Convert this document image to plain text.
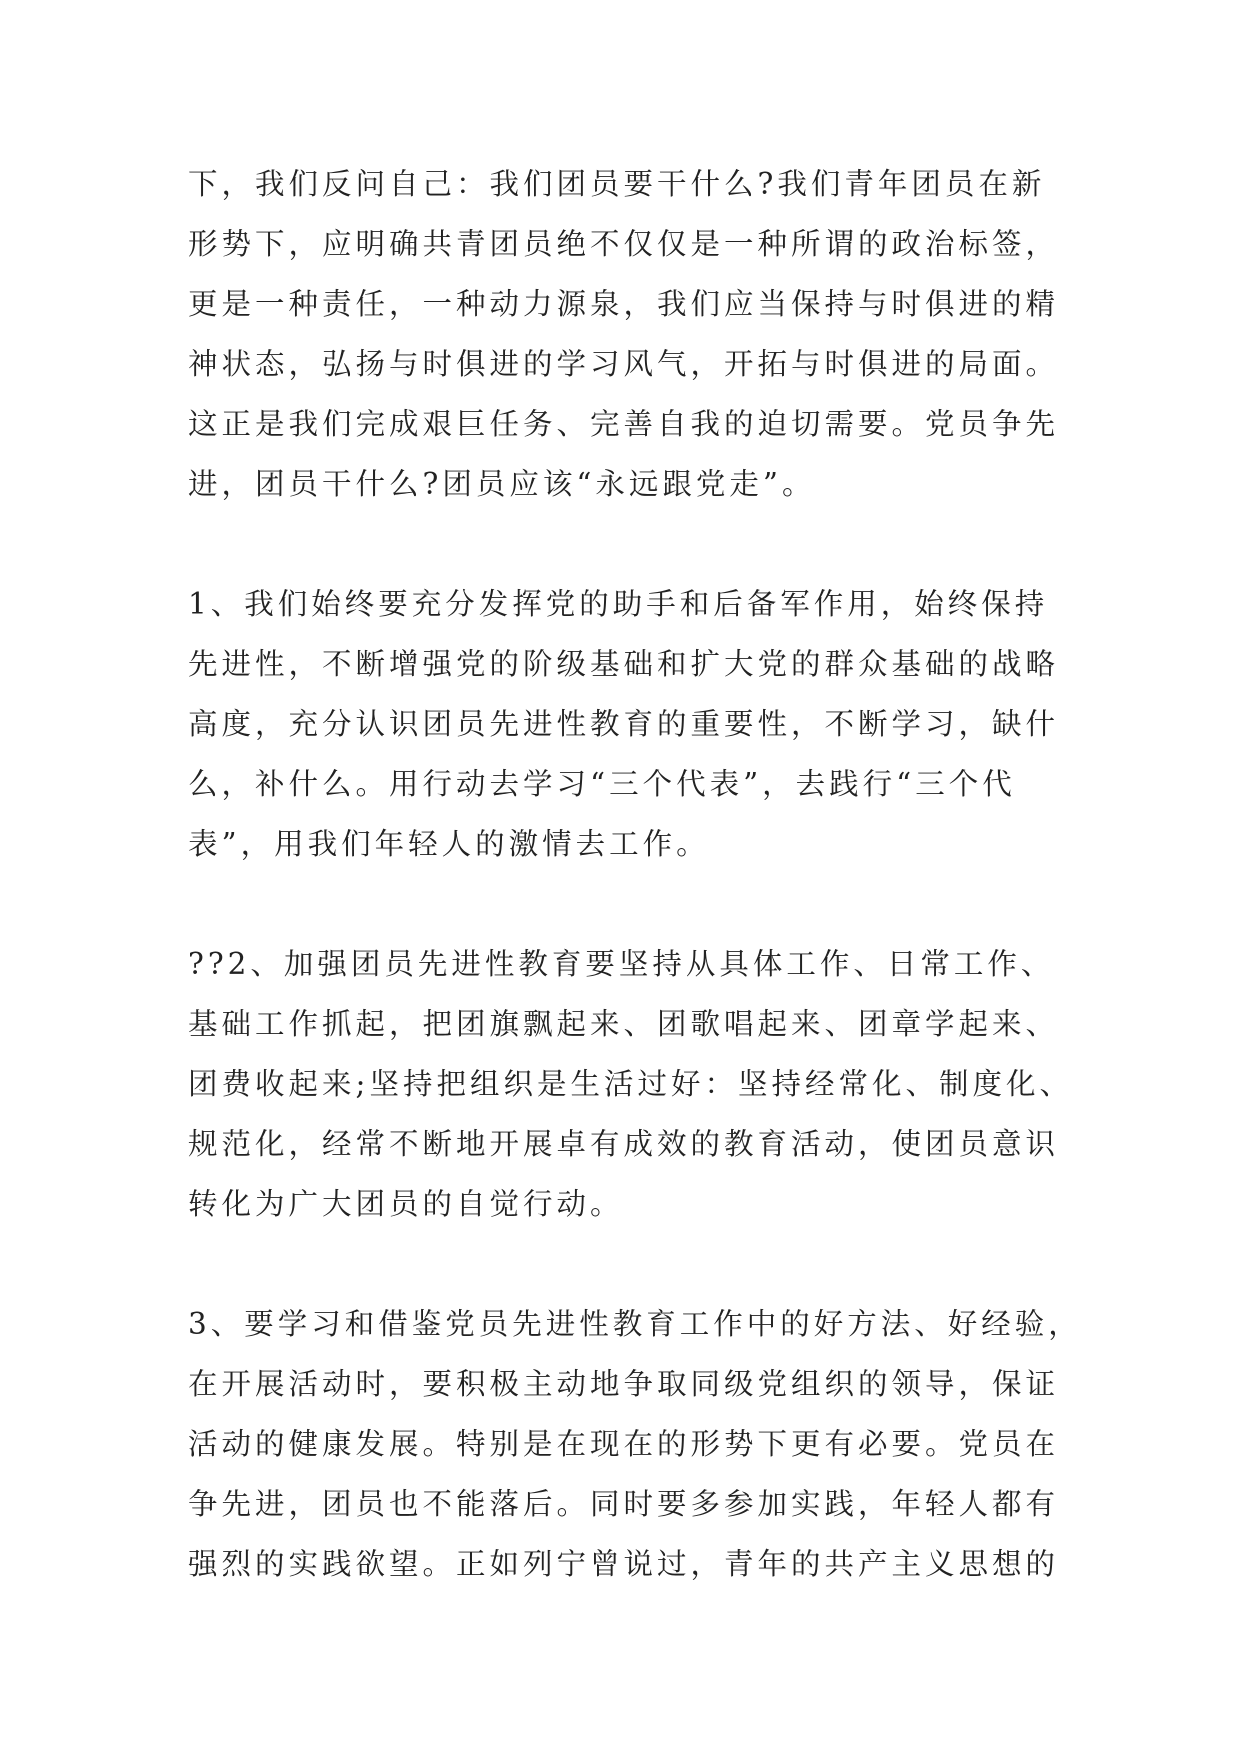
下，我们反问自己：我们团员要干什么?我们青年团员在新
形势下，应明确共青团员绝不仅仅是一种所谓的政治标签，
更是一种责任，一种动力源泉，我们应当保持与时俱进的精
神状态，弘扬与时俱进的学习风气，开拓与时俱进的局面。
这正是我们完成艰巨任务、完善自我的迫切需要。党员争先
进，团员干什么?团员应该“永远跟党走”。
1、我们始终要充分发挥党的助手和后备军作用，始终保持
先进性，不断增强党的阶级基础和扩大党的群众基础的战略
高度，充分认识团员先进性教育的重要性，不断学习，缺什
么，补什么。用行动去学习“三个代表”，去践行“三个代
表”，用我们年轻人的激情去工作。
??2、加强团员先进性教育要坚持从具体工作、日常工作、
基础工作抓起，把团旗飘起来、团歌唱起来、团章学起来、
团费收起来;坚持把组织是生活过好：坚持经常化、制度化、
规范化，经常不断地开展卓有成效的教育活动，使团员意识
转化为广大团员的自觉行动。
3、要学习和借鉴党员先进性教育工作中的好方法、好经验，
在开展活动时，要积极主动地争取同级党组织的领导，保证
活动的健康发展。特别是在现在的形势下更有必要。党员在
争先进，团员也不能落后。同时要多参加实践，年轻人都有
强烈的实践欲望。正如列宁曾说过，青年的共产主义思想的
